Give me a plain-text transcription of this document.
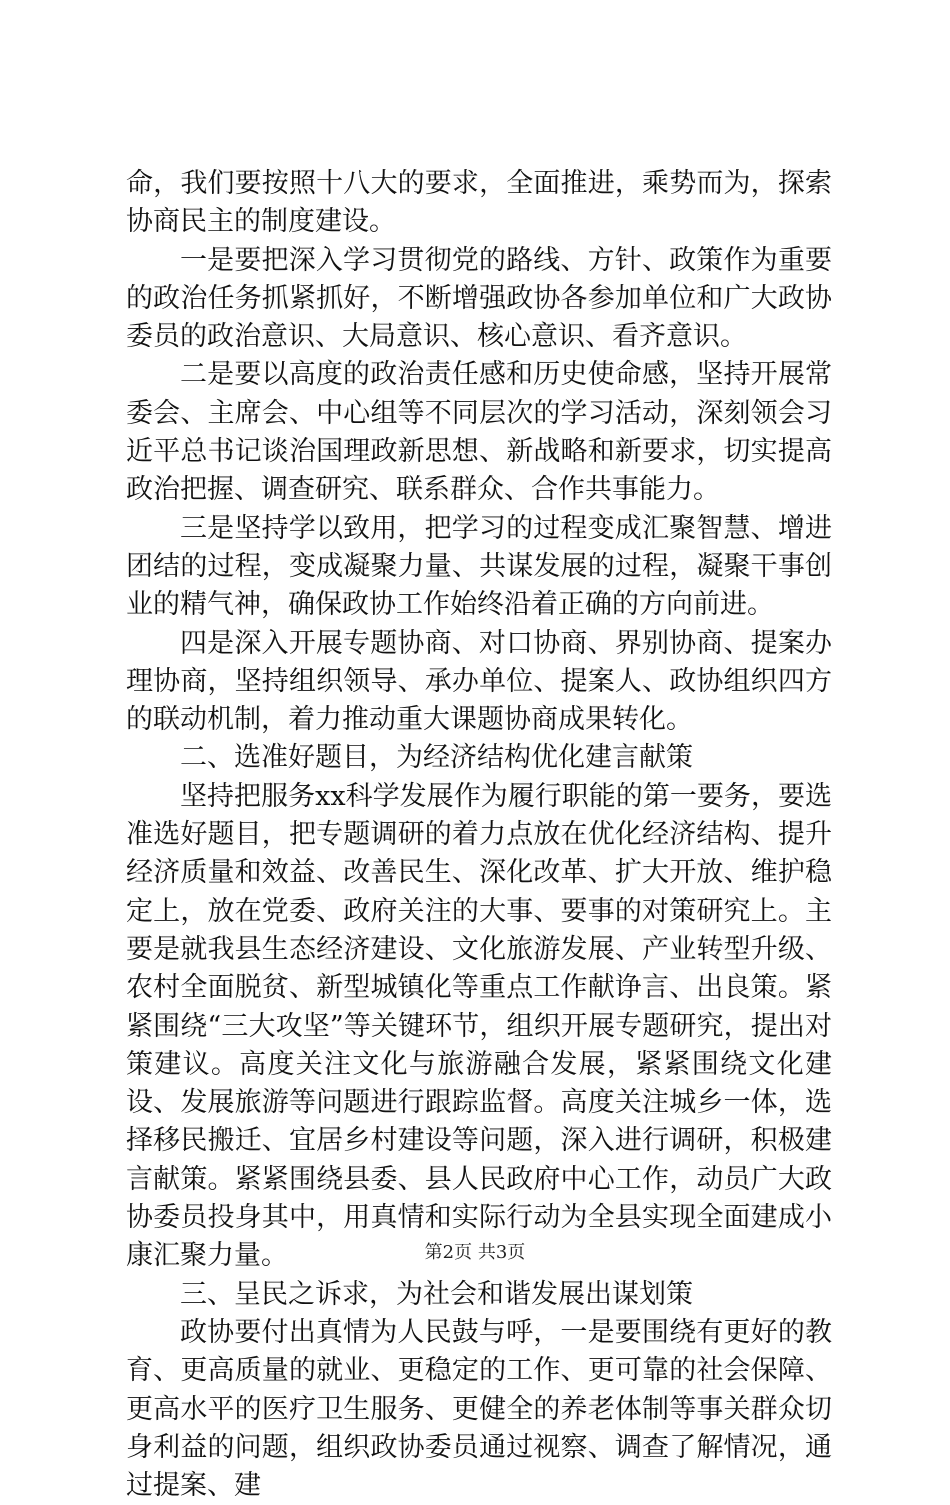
命，我们要按照十八大的要求，全面推进，乘势而为，探索协商民主的制度建设。

一是要把深入学习贯彻党的路线、方针、政策作为重要的政治任务抓紧抓好，不断增强政协各参加单位和广大政协委员的政治意识、大局意识、核心意识、看齐意识。

二是要以高度的政治责任感和历史使命感，坚持开展常委会、主席会、中心组等不同层次的学习活动，深刻领会习近平总书记谈治国理政新思想、新战略和新要求，切实提高政治把握、调查研究、联系群众、合作共事能力。

三是坚持学以致用，把学习的过程变成汇聚智慧、增进团结的过程，变成凝聚力量、共谋发展的过程，凝聚干事创业的精气神，确保政协工作始终沿着正确的方向前进。

四是深入开展专题协商、对口协商、界别协商、提案办理协商，坚持组织领导、承办单位、提案人、政协组织四方的联动机制，着力推动重大课题协商成果转化。

二、选准好题目，为经济结构优化建言献策

坚持把服务xx科学发展作为履行职能的第一要务，要选准选好题目，把专题调研的着力点放在优化经济结构、提升经济质量和效益、改善民生、深化改革、扩大开放、维护稳定上，放在党委、政府关注的大事、要事的对策研究上。主要是就我县生态经济建设、文化旅游发展、产业转型升级、农村全面脱贫、新型城镇化等重点工作献诤言、出良策。紧紧围绕“三大攻坚”等关键环节，组织开展专题研究，提出对策建议。高度关注文化与旅游融合发展，紧紧围绕文化建设、发展旅游等问题进行跟踪监督。高度关注城乡一体，选择移民搬迁、宜居乡村建设等问题，深入进行调研，积极建言献策。紧紧围绕县委、县人民政府中心工作，动员广大政协委员投身其中，用真情和实际行动为全县实现全面建成小康汇聚力量。

三、呈民之诉求，为社会和谐发展出谋划策

政协要付出真情为人民鼓与呼，一是要围绕有更好的教育、更高质量的就业、更稳定的工作、更可靠的社会保障、更高水平的医疗卫生服务、更健全的养老体制等事关群众切身利益的问题，组织政协委员通过视察、调查了解情况，通过提案、建

第2页 共3页
